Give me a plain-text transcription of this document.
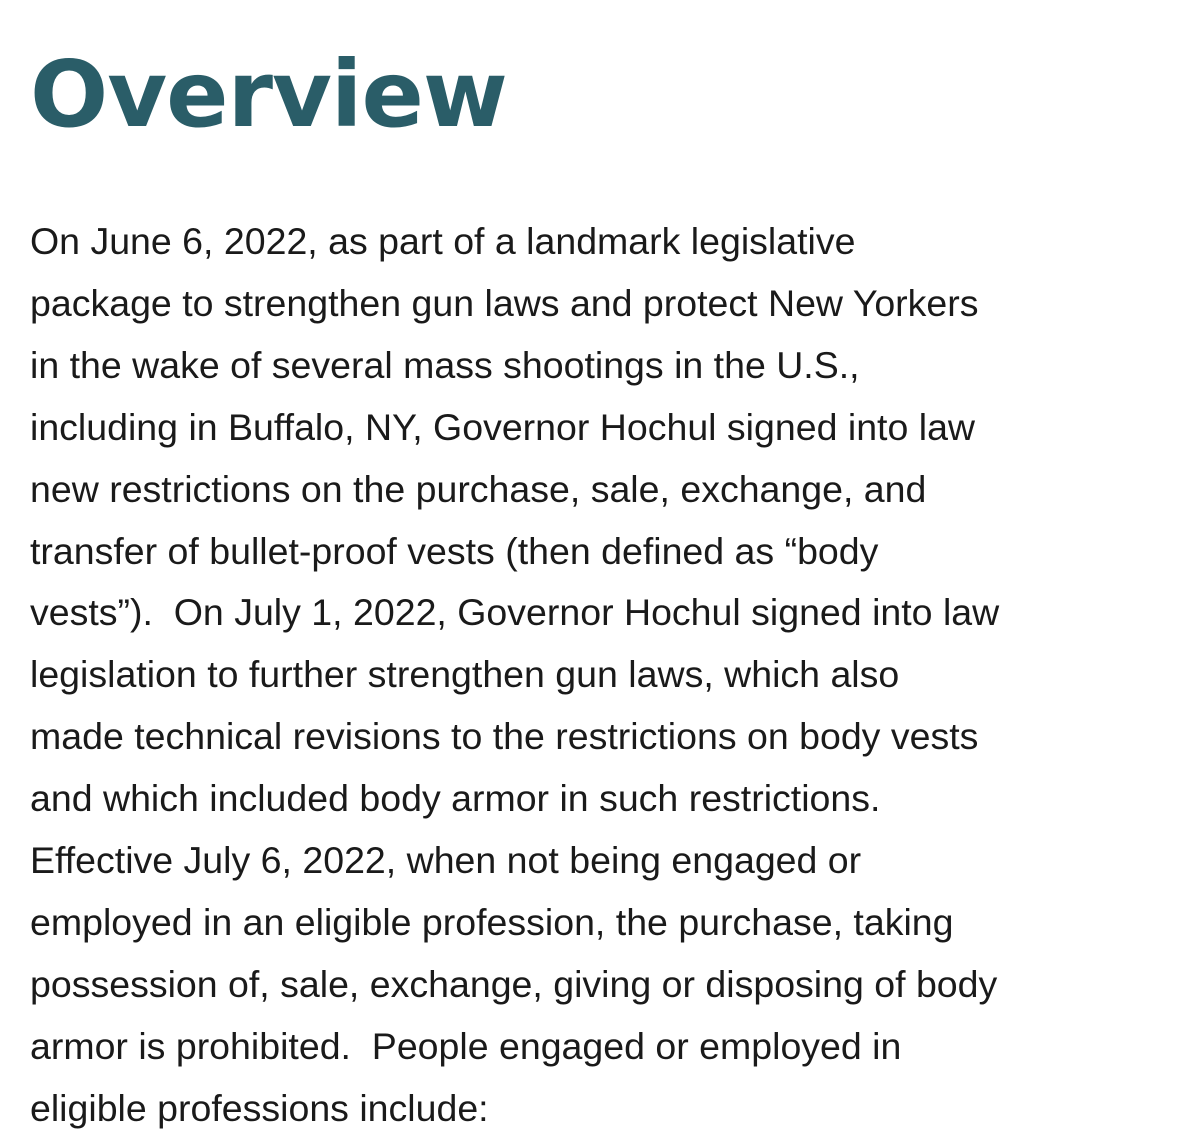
Overview

On June 6, 2022, as part of a landmark legislative
package to strengthen gun laws and protect New Yorkers
in the wake of several mass shootings in the U.S.,
including in Buffalo, NY, Governor Hochul signed into law
new restrictions on the purchase, sale, exchange, and
transfer of bullet-proof vests (then defined as “body
vests”).  On July 1, 2022, Governor Hochul signed into law
legislation to further strengthen gun laws, which also
made technical revisions to the restrictions on body vests
and which included body armor in such restrictions.
Effective July 6, 2022, when not being engaged or
employed in an eligible profession, the purchase, taking
possession of, sale, exchange, giving or disposing of body
armor is prohibited.  People engaged or employed in
eligible professions include:
